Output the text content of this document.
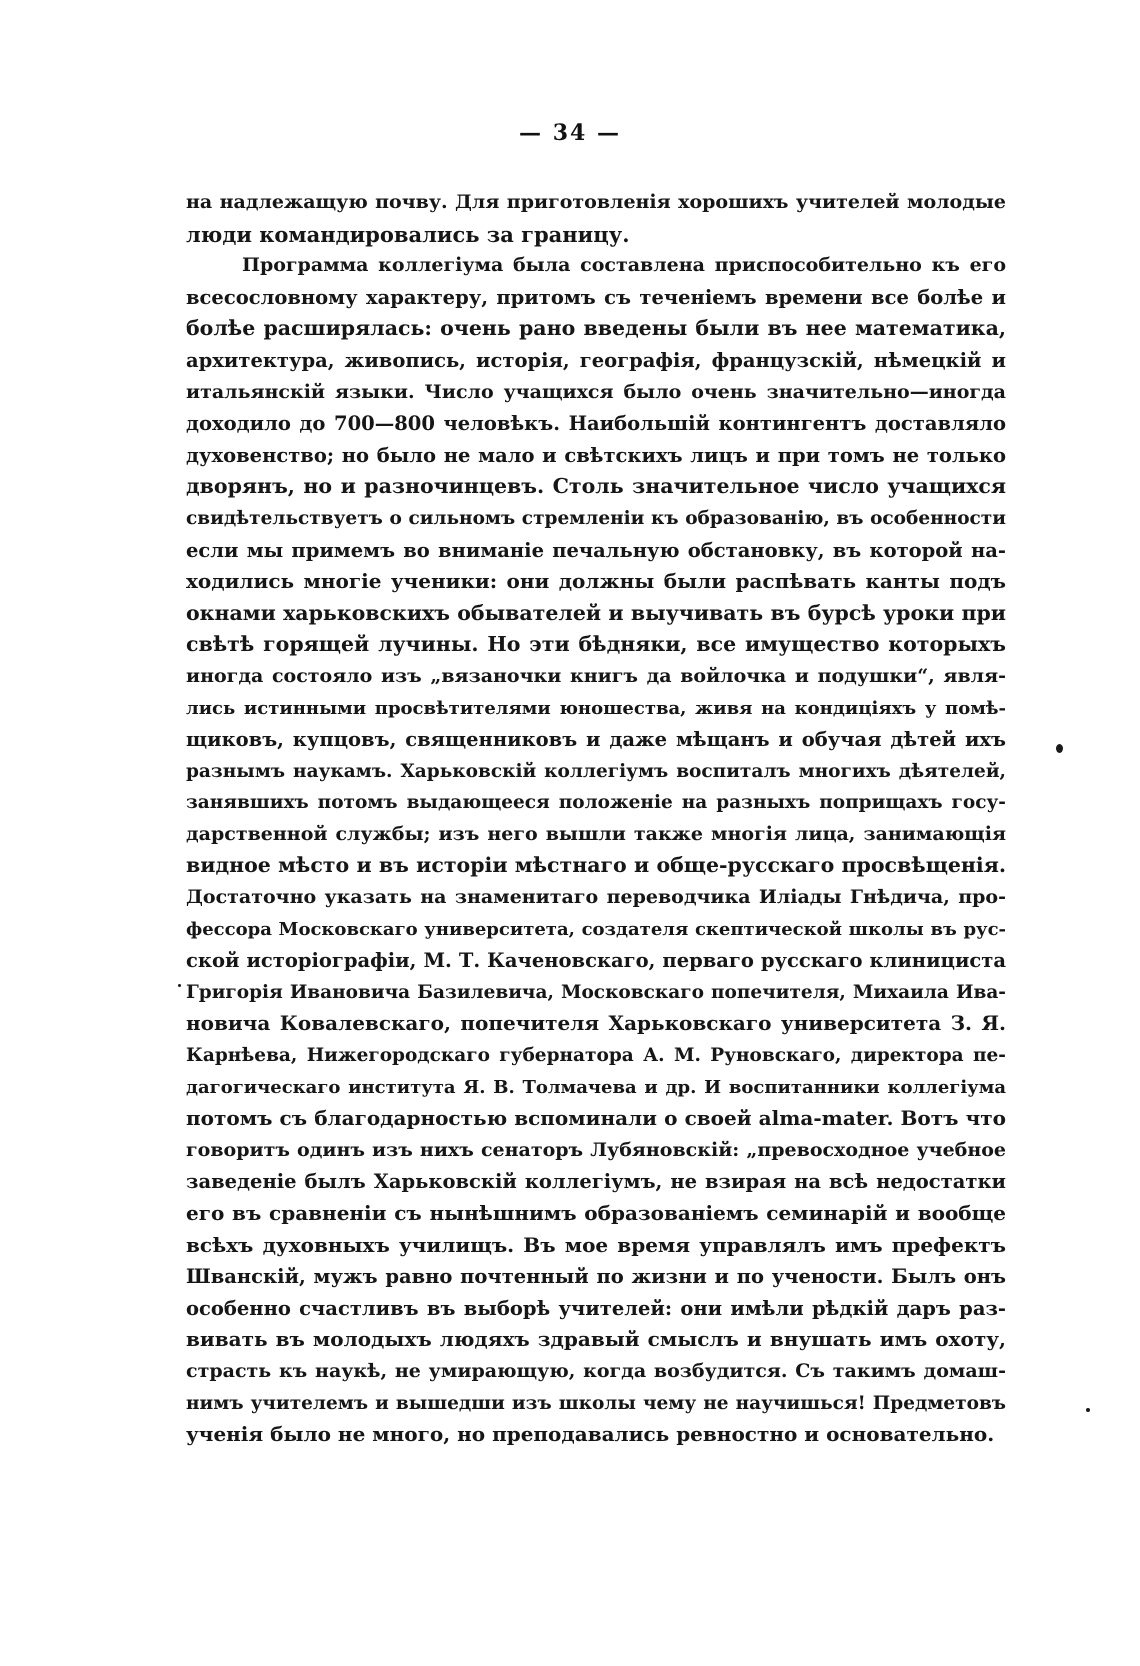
— 34 —
на надлежащую почву. Для приготовленія хорошихъ учителей молодые
люди командировались за границу.
Программа коллегіума была составлена приспособительно къ его
всесословному характеру, притомъ съ теченіемъ времени все болѣе и
болѣе расширялась: очень рано введены были въ нее математика,
архитектура, живопись, исторія, географія, французскій, нѣмецкій и
итальянскій языки. Число учащихся было очень значительно—иногда
доходило до 700—800 человѣкъ. Наибольшій контингентъ доставляло
духовенство; но было не мало и свѣтскихъ лицъ и при томъ не только
дворянъ, но и разночинцевъ. Столь значительное число учащихся
свидѣтельствуетъ о сильномъ стремленіи къ образованію, въ особенности
если мы примемъ во вниманіе печальную обстановку, въ которой на-
ходились многіе ученики: они должны были распѣвать канты подъ
окнами харьковскихъ обывателей и выучивать въ бурсѣ уроки при
свѣтѣ горящей лучины. Но эти бѣдняки, все имущество которыхъ
иногда состояло изъ „вязаночки книгъ да войлочка и подушки“, явля-
лись истинными просвѣтителями юношества, живя на кондиціяхъ у помѣ-
щиковъ, купцовъ, священниковъ и даже мѣщанъ и обучая дѣтей ихъ
разнымъ наукамъ. Харьковскій коллегіумъ воспиталъ многихъ дѣятелей,
занявшихъ потомъ выдающееся положеніе на разныхъ поприщахъ госу-
дарственной службы; изъ него вышли также многія лица, занимающія
видное мѣсто и въ исторіи мѣстнаго и обще-русскаго просвѣщенія.
Достаточно указать на знаменитаго переводчика Иліады Гнѣдича, про-
фессора Московскаго университета, создателя скептической школы въ рус-
ской исторіографіи, М. Т. Каченовскаго, перваго русскаго клинициста
Григорія Ивановича Базилевича, Московскаго попечителя, Михаила Ива-
новича Ковалевскаго, попечителя Харьковскаго университета З. Я.
Карнѣева, Нижегородскаго губернатора А. М. Руновскаго, директора пе-
дагогическаго института Я. В. Толмачева и др. И воспитанники коллегіума
потомъ съ благодарностью вспоминали о своей alma-mater. Вотъ что
говоритъ одинъ изъ нихъ сенаторъ Лубяновскій: „превосходное учебное
заведеніе былъ Харьковскій коллегіумъ, не взирая на всѣ недостатки
его въ сравненіи съ нынѣшнимъ образованіемъ семинарій и вообще
всѣхъ духовныхъ училищъ. Въ мое время управлялъ имъ префектъ
Шванскій, мужъ равно почтенный по жизни и по учености. Былъ онъ
особенно счастливъ въ выборѣ учителей: они имѣли рѣдкій даръ раз-
вивать въ молодыхъ людяхъ здравый смыслъ и внушать имъ охоту,
страсть къ наукѣ, не умирающую, когда возбудится. Съ такимъ домаш-
нимъ учителемъ и вышедши изъ школы чему не научишься! Предметовъ
ученія было не много, но преподавались ревностно и основательно.
